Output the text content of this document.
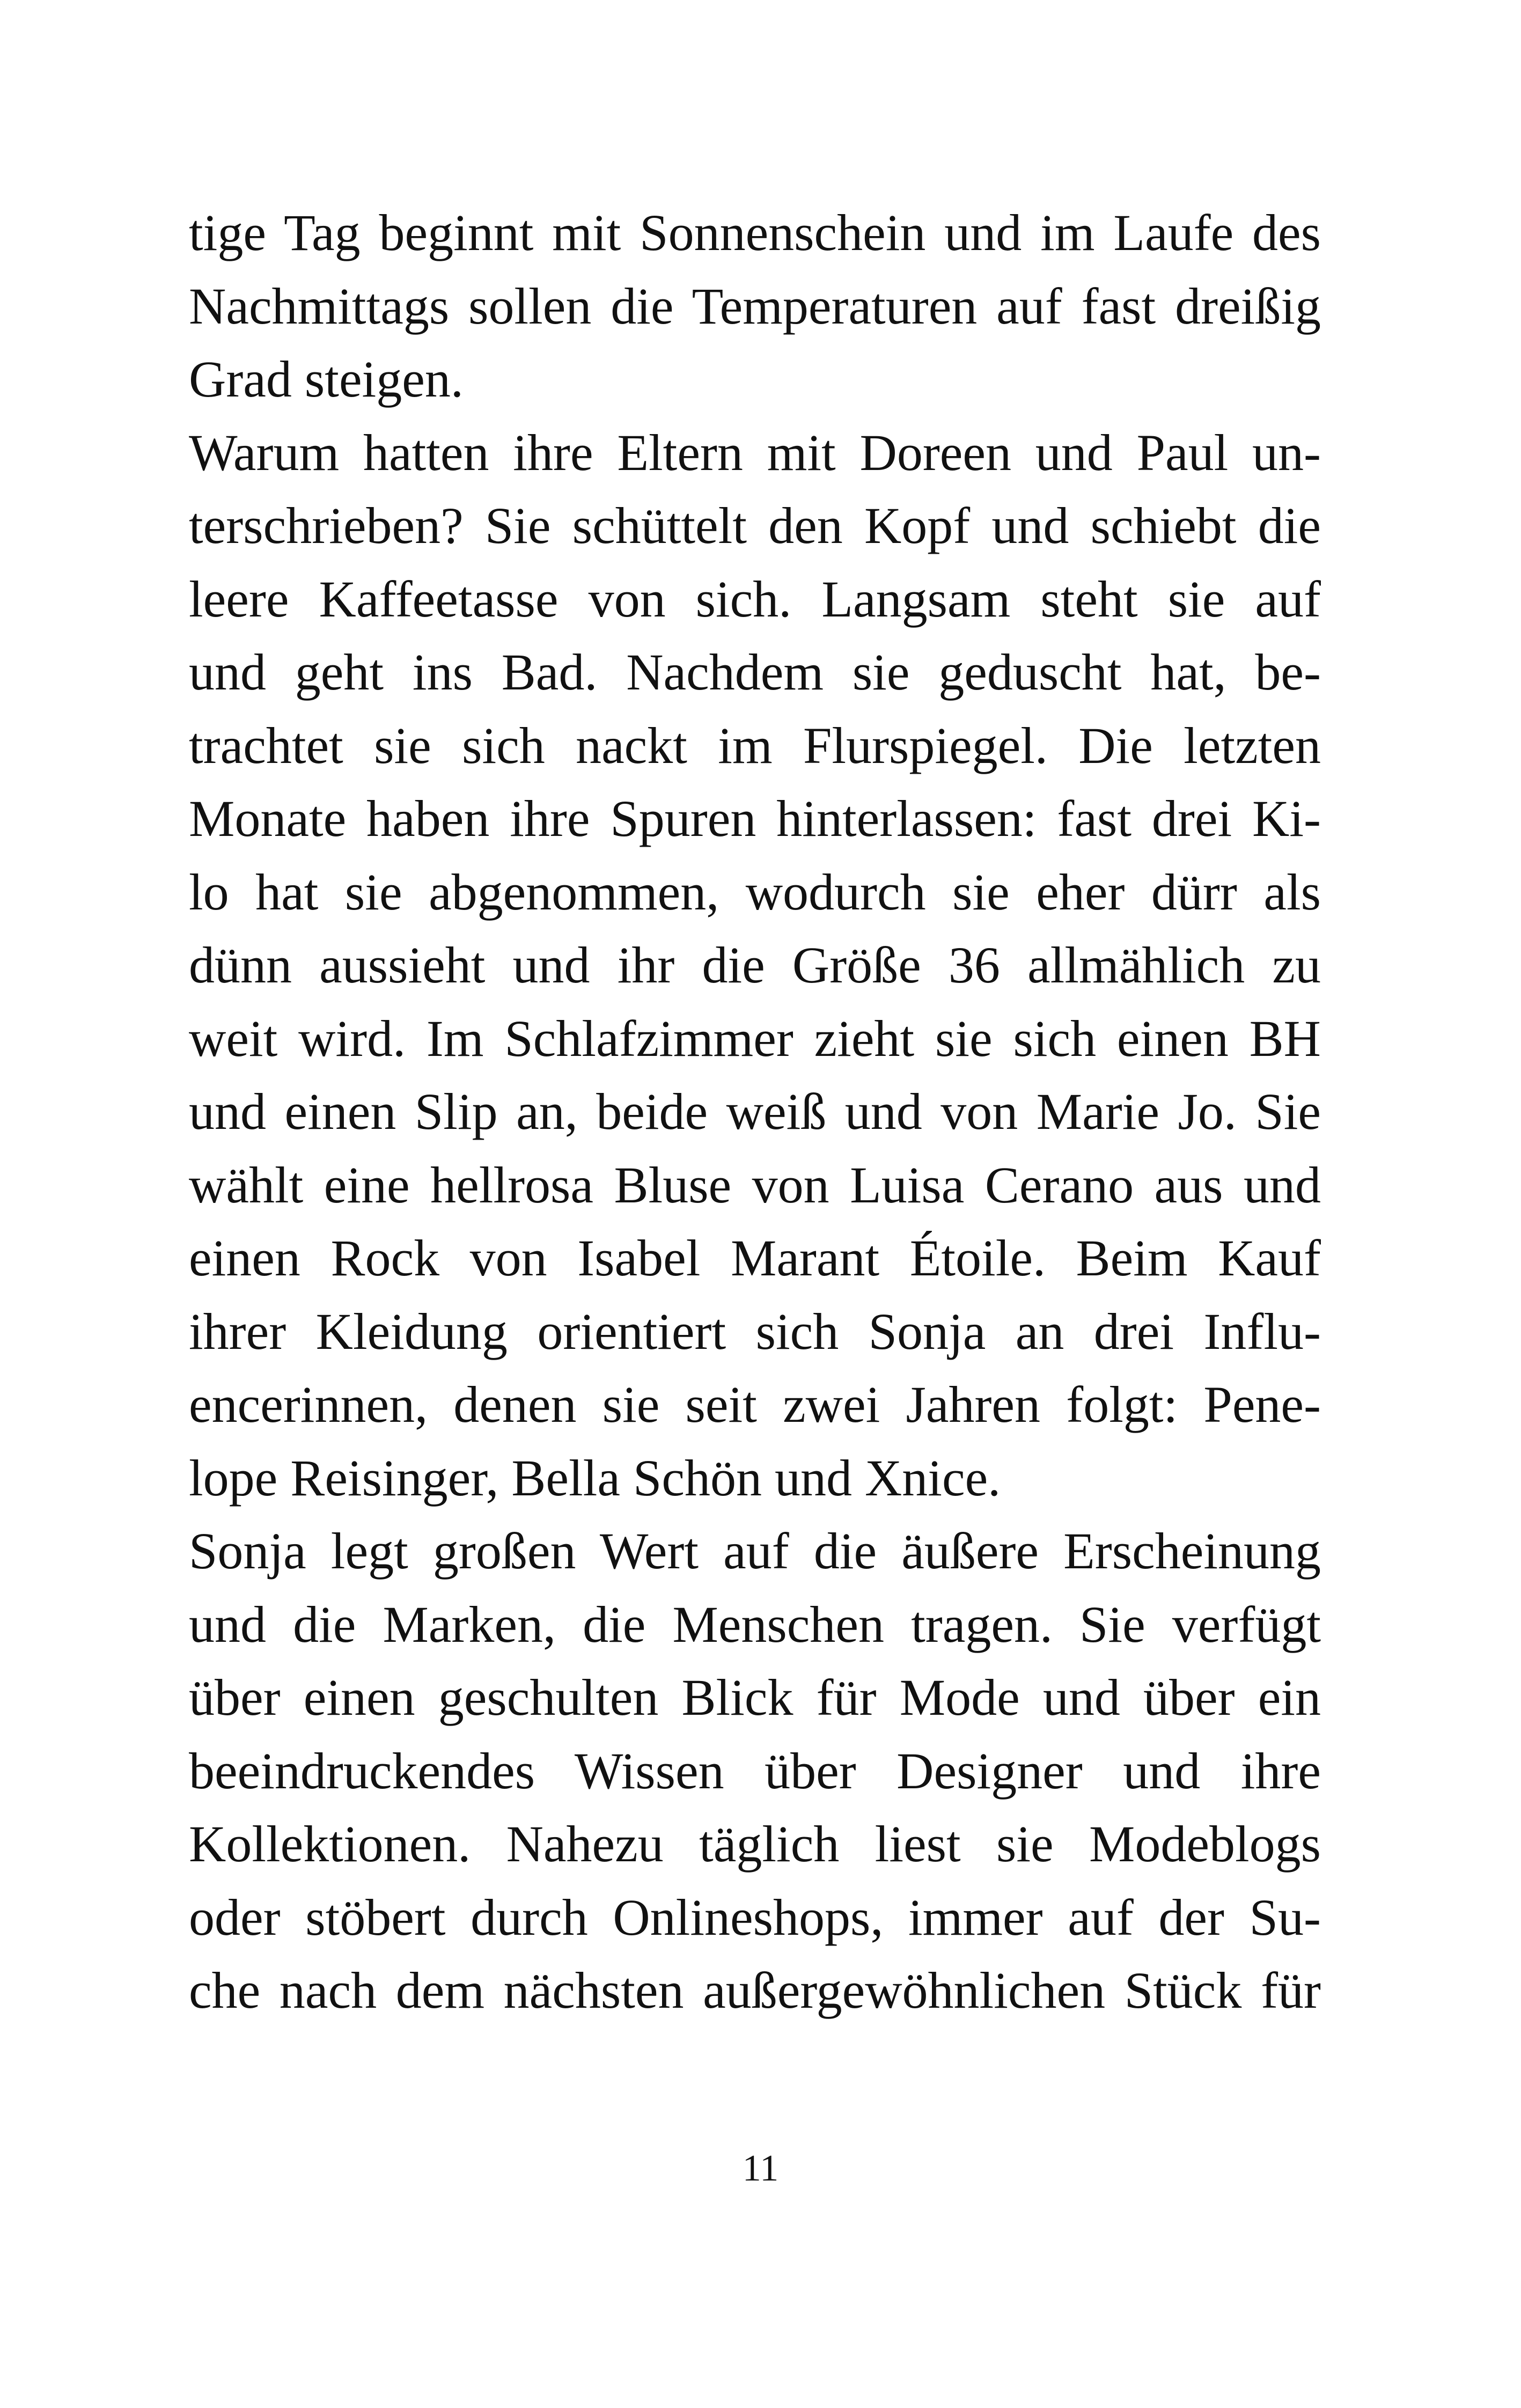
tige Tag beginnt mit Sonnenschein und im Laufe des
Nachmittags sollen die Temperaturen auf fast dreißig
Grad steigen.
Warum hatten ihre Eltern mit Doreen und Paul un-
terschrieben? Sie schüttelt den Kopf und schiebt die
leere Kaffeetasse von sich. Langsam steht sie auf
und geht ins Bad. Nachdem sie geduscht hat, be-
trachtet sie sich nackt im Flurspiegel. Die letzten
Monate haben ihre Spuren hinterlassen: fast drei Ki-
lo hat sie abgenommen, wodurch sie eher dürr als
dünn aussieht und ihr die Größe 36 allmählich zu
weit wird. Im Schlafzimmer zieht sie sich einen BH
und einen Slip an, beide weiß und von Marie Jo. Sie
wählt eine hellrosa Bluse von Luisa Cerano aus und
einen Rock von Isabel Marant Étoile. Beim Kauf
ihrer Kleidung orientiert sich Sonja an drei Influ-
encerinnen, denen sie seit zwei Jahren folgt: Pene-
lope Reisinger, Bella Schön und Xnice.
Sonja legt großen Wert auf die äußere Erscheinung
und die Marken, die Menschen tragen. Sie verfügt
über einen geschulten Blick für Mode und über ein
beeindruckendes Wissen über Designer und ihre
Kollektionen. Nahezu täglich liest sie Modeblogs
oder stöbert durch Onlineshops, immer auf der Su-
che nach dem nächsten außergewöhnlichen Stück für
11
